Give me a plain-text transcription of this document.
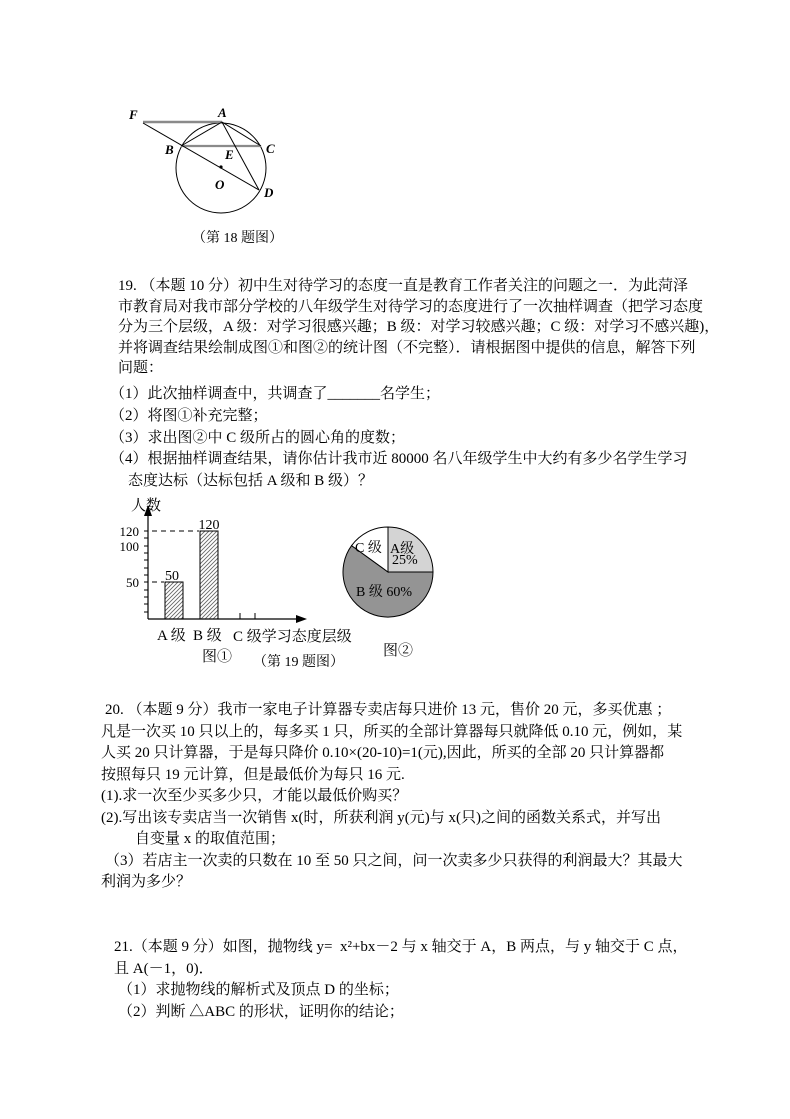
F	A
B	C
E
O
D
（第 18 题图）
19. （本题 10 分）初中生对待学习的态度一直是教育工作者关注的问题之一．为此菏泽
市教育局对我市部分学校的八年级学生对待学习的态度进行了一次抽样调查（把学习态度
分为三个层级，A 级：对学习很感兴趣；B 级：对学习较感兴趣；C 级：对学习不感兴趣)，
并将调查结果绘制成图①和图②的统计图（不完整）．请根据图中提供的信息，解答下列
问题：
（1）此次抽样调查中，共调查了_______名学生；
（2）将图①补充完整；
（3）求出图②中 C 级所占的圆心角的度数；
（4）根据抽样调查结果，请你估计我市近 80000 名八年级学生中大约有多少名学生学习
态度达标（达标包括 A 级和 B 级）？
人数
120
100
50	50
120
A 级 B 级 C 级学习态度层级
图① （第 19 题图）
C 级 A级
25%
B 级 60%
图②
20. （本题 9 分）我市一家电子计算器专卖店每只进价 13 元，售价 20 元，多买优惠 ；
凡是一次买 10 只以上的，每多买 1 只，所买的全部计算器每只就降低 0.10 元，例如，某
人买 20 只计算器，于是每只降价 0.10×(20-10)=1(元),因此，所买的全部 20 只计算器都
按照每只 19 元计算，但是最低价为每只 16 元.
(1).求一次至少买多少只，才能以最低价购买？
(2).写出该专卖店当一次销售 x(时，所获利润 y(元)与 x(只)之间的函数关系式，并写出
自变量 x 的取值范围；
（3）若店主一次卖的只数在 10 至 50 只之间，问一次卖多少只获得的利润最大？其最大
利润为多少？
21.（本题 9 分）如图，抛物线 y=  x²+bx－2 与 x 轴交于 A，B 两点，与 y 轴交于 C 点，
且 A(－1，0)．
（1）求抛物线的解析式及顶点 D 的坐标；
（2）判断 △ABC 的形状，证明你的结论；
